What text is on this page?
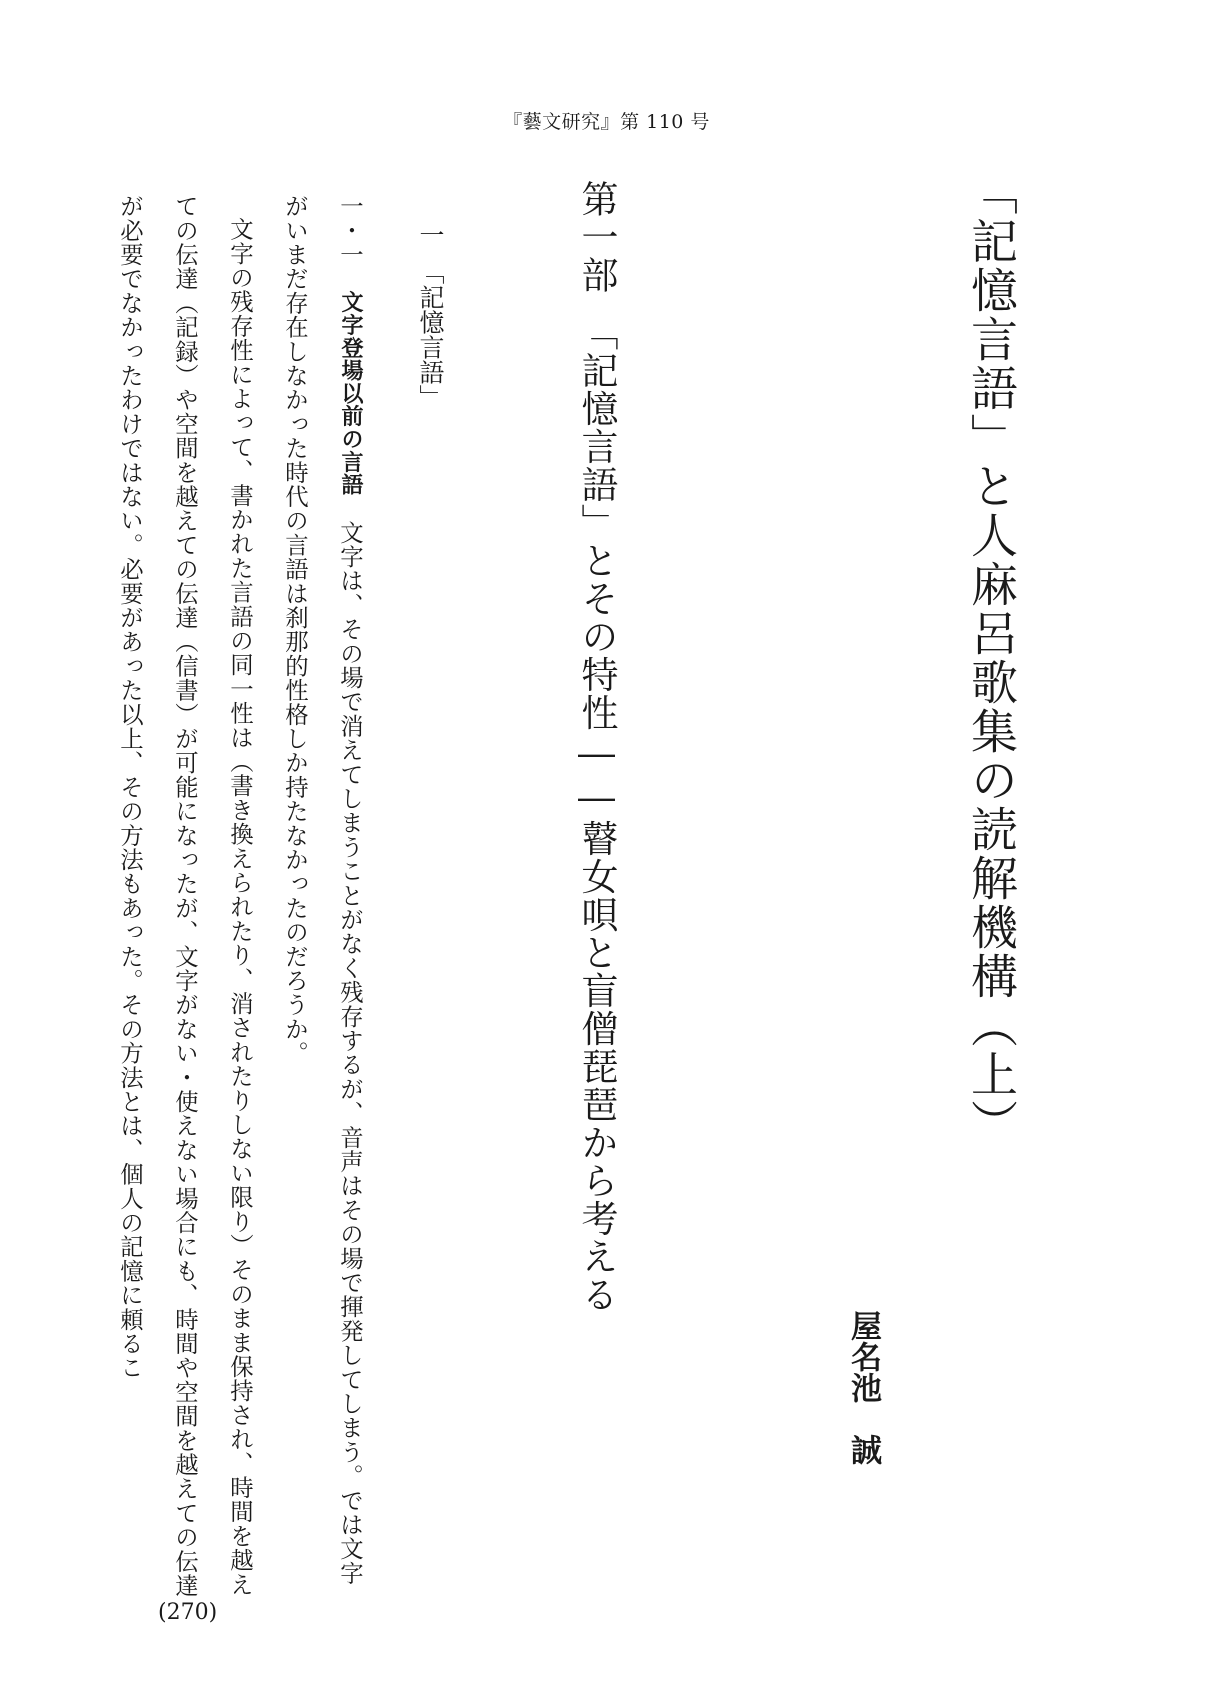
『藝文研究』第 110 号
「記憶言語」と人麻呂歌集の読解機構（上）
屋名池　誠
第一部　「記憶言語」とその特性――瞽女唄と盲僧琵琶から考える
一　「記憶言語」

一・一　文字登場以前の言語　文字は、その場で消えてしまうことがなく残存するが、音声はその場で揮発してしまう。では文字がいまだ存在しなかった時代の言語は刹那的性格しか持たなかったのだろうか。

文字の残存性によって、書かれた言語の同一性は（書き換えられたり、消されたりしない限り）そのまま保持され、時間を越えての伝達（記録）や空間を越えての伝達（信書）が可能になったが、文字がない・使えない場合にも、時間や空間を越えての伝達が必要でなかったわけではない。必要があった以上、その方法もあった。その方法とは、個人の記憶に頼るこ

(270)
